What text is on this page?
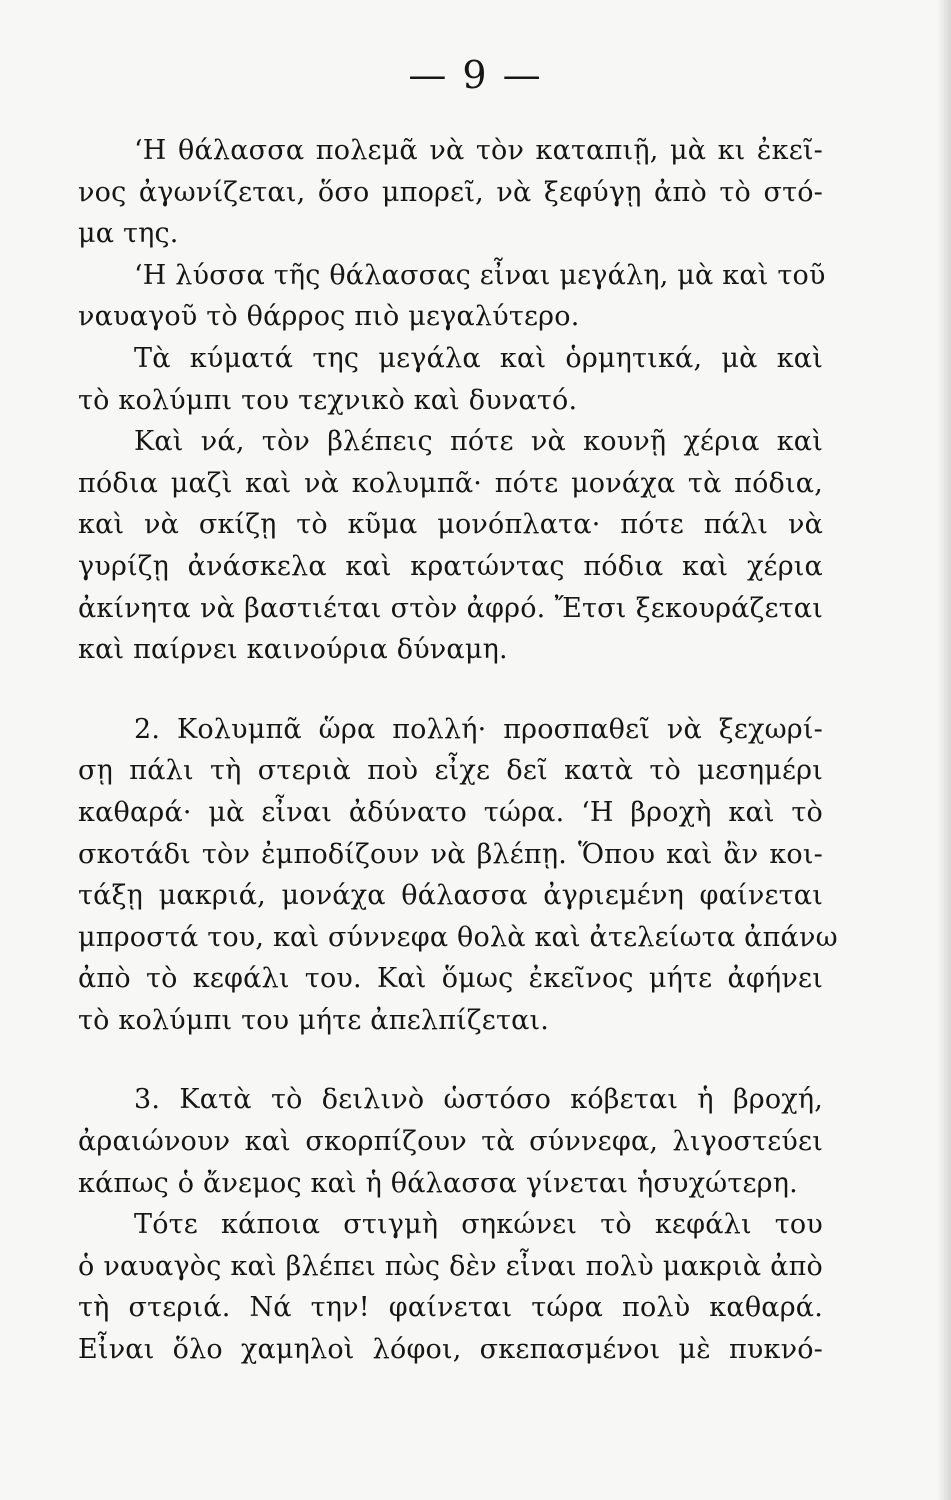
— 9 —
‘Η θάλασσα πολεμᾶ νὰ τὸν καταπιῇ, μὰ κι ἐκεῖ-
νος ἀγωνίζεται, ὅσο μπορεῖ, νὰ ξεφύγῃ ἀπὸ τὸ στό-
μα της.
‘Η λύσσα τῆς θάλασσας εἶναι μεγάλη, μὰ καὶ τοῦ
ναυαγοῦ τὸ θάρρος πιὸ μεγαλύτερο.
Τὰ κύματά της μεγάλα καὶ ὁρμητικά, μὰ καὶ
τὸ κολύμπι του τεχνικὸ καὶ δυνατό.
Καὶ νά, τὸν βλέπεις πότε νὰ κουνῇ χέρια καὶ
πόδια μαζὶ καὶ νὰ κολυμπᾶ· πότε μονάχα τὰ πόδια,
καὶ νὰ σκίζῃ τὸ κῦμα μονόπλατα· πότε πάλι νὰ
γυρίζῃ ἀνάσκελα καὶ κρατώντας πόδια καὶ χέρια
ἀκίνητα νὰ βαστιέται στὸν ἀφρό. Ἔτσι ξεκουράζεται
καὶ παίρνει καινούρια δύναμη.
2. Κολυμπᾶ ὥρα πολλή· προσπαθεῖ νὰ ξεχωρί-
σῃ πάλι τὴ στεριὰ ποὺ εἶχε δεῖ κατὰ τὸ μεσημέρι
καθαρά· μὰ εἶναι ἀδύνατο τώρα. ‘Η βροχὴ καὶ τὸ
σκοτάδι τὸν ἐμποδίζουν νὰ βλέπῃ. Ὅπου καὶ ἂν κοι-
τάξῃ μακριά, μονάχα θάλασσα ἀγριεμένη φαίνεται
μπροστά του, καὶ σύννεφα θολὰ καὶ ἀτελείωτα ἀπάνω
ἀπὸ τὸ κεφάλι του. Καὶ ὅμως ἐκεῖνος μήτε ἀφήνει
τὸ κολύμπι του μήτε ἀπελπίζεται.
3. Κατὰ τὸ δειλινὸ ὡστόσο κόβεται ἡ βροχή,
ἀραιώνουν καὶ σκορπίζουν τὰ σύννεφα, λιγοστεύει
κάπως ὁ ἄνεμος καὶ ἡ θάλασσα γίνεται ἡσυχώτερη.
Τότε κάποια στιγμὴ σηκώνει τὸ κεφάλι του
ὁ ναυαγὸς καὶ βλέπει πὼς δὲν εἶναι πολὺ μακριὰ ἀπὸ
τὴ στεριά. Νά την! φαίνεται τώρα πολὺ καθαρά.
Εἶναι ὅλο χαμηλοὶ λόφοι, σκεπασμένοι μὲ πυκνό-
